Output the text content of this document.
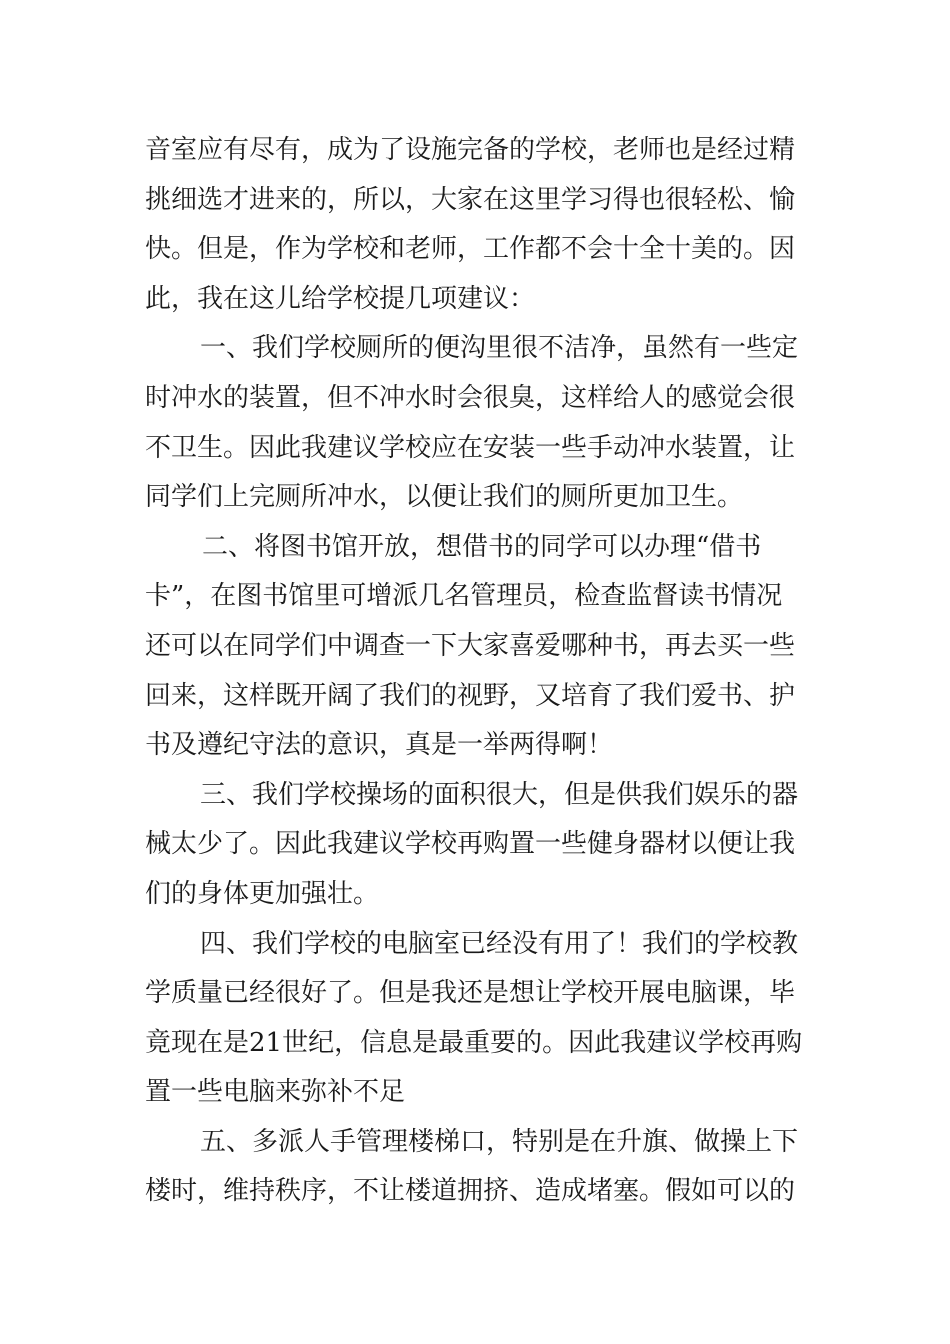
音室应有尽有，成为了设施完备的学校，老师也是经过精
挑细选才进来的，所以，大家在这里学习得也很轻松、愉
快。但是，作为学校和老师，工作都不会十全十美的。因
此，我在这儿给学校提几项建议：
一、我们学校厕所的便沟里很不洁净，虽然有一些定
时冲水的装置，但不冲水时会很臭，这样给人的感觉会很
不卫生。因此我建议学校应在安装一些手动冲水装置，让
同学们上完厕所冲水，以便让我们的厕所更加卫生。
二、将图书馆开放，想借书的同学可以办理“借书
卡”，在图书馆里可增派几名管理员，检查监督读书情况
还可以在同学们中调查一下大家喜爱哪种书，再去买一些
回来，这样既开阔了我们的视野，又培育了我们爱书、护
书及遵纪守法的意识，真是一举两得啊！
三、我们学校操场的面积很大，但是供我们娱乐的器
械太少了。因此我建议学校再购置一些健身器材以便让我
们的身体更加强壮。
四、我们学校的电脑室已经没有用了！我们的学校教
学质量已经很好了。但是我还是想让学校开展电脑课，毕
竟现在是21世纪，信息是最重要的。因此我建议学校再购
置一些电脑来弥补不足
五、多派人手管理楼梯口，特别是在升旗、做操上下
楼时，维持秩序，不让楼道拥挤、造成堵塞。假如可以的
